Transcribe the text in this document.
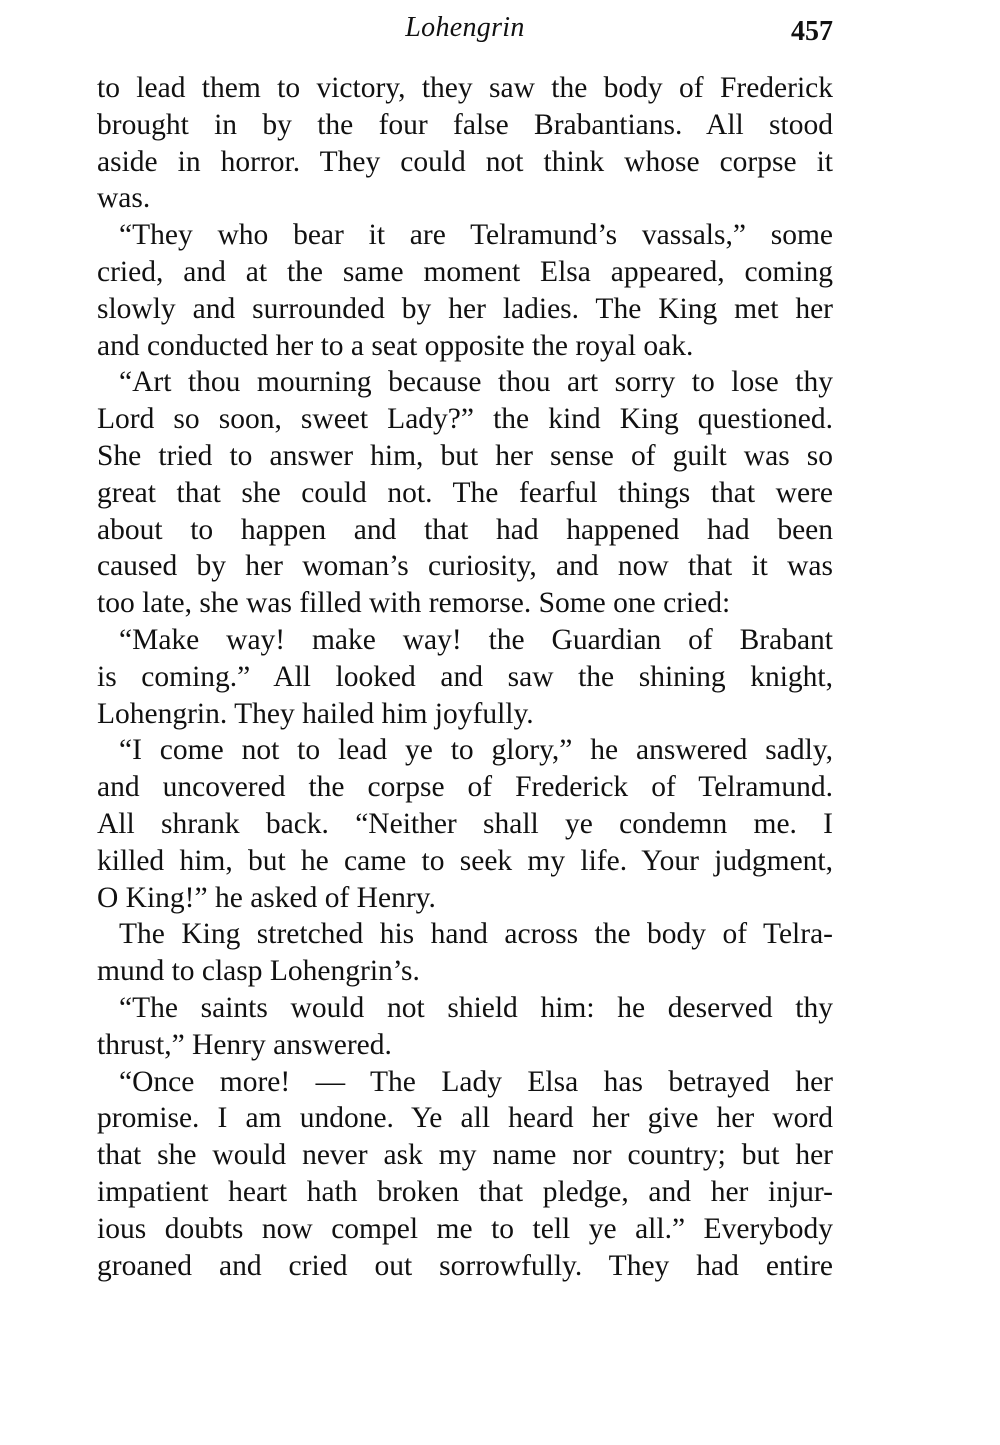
Lohengrin	457
to lead them to victory, they saw the body of Frederick
brought in by the four false Brabantians. All stood
aside in horror. They could not think whose corpse it
was.
“They who bear it are Telramund’s vassals,” some
cried, and at the same moment Elsa appeared, coming
slowly and surrounded by her ladies. The King met her
and conducted her to a seat opposite the royal oak.
“Art thou mourning because thou art sorry to lose thy
Lord so soon, sweet Lady?” the kind King questioned.
She tried to answer him, but her sense of guilt was so
great that she could not. The fearful things that were
about to happen and that had happened had been
caused by her woman’s curiosity, and now that it was
too late, she was filled with remorse. Some one cried:
“Make way! make way! the Guardian of Brabant
is coming.” All looked and saw the shining knight,
Lohengrin. They hailed him joyfully.
“I come not to lead ye to glory,” he answered sadly,
and uncovered the corpse of Frederick of Telramund.
All shrank back. “Neither shall ye condemn me. I
killed him, but he came to seek my life. Your judgment,
O King!” he asked of Henry.
The King stretched his hand across the body of Telra-
mund to clasp Lohengrin’s.
“The saints would not shield him: he deserved thy
thrust,” Henry answered.
“Once more! — The Lady Elsa has betrayed her
promise. I am undone. Ye all heard her give her word
that she would never ask my name nor country; but her
impatient heart hath broken that pledge, and her injur-
ious doubts now compel me to tell ye all.” Everybody
groaned and cried out sorrowfully. They had entire
